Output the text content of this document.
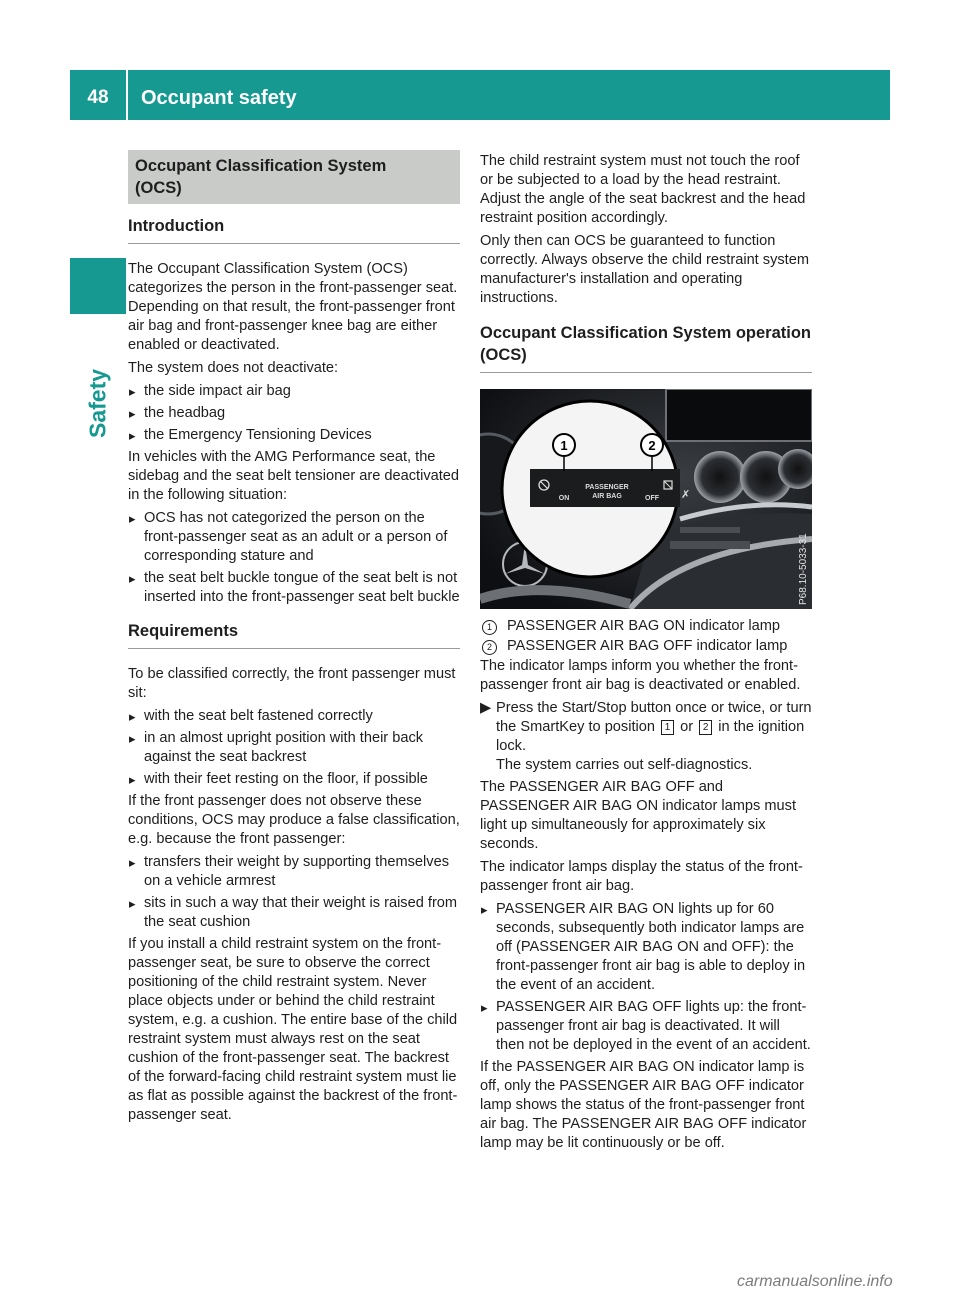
48	Occupant safety
Safety
Occupant Classification System
(OCS)
Introduction

The Occupant Classification System (OCS) categorizes the person in the front-passenger seat. Depending on that result, the front-passenger front air bag and front-passenger knee bag are either enabled or deactivated.

The system does not deactivate:

▸ the side impact air bag
▸ the headbag
▸ the Emergency Tensioning Devices

In vehicles with the AMG Performance seat, the sidebag and the seat belt tensioner are deactivated in the following situation:

▸ OCS has not categorized the person on the front-passenger seat as an adult or a person of corresponding stature and
▸ the seat belt buckle tongue of the seat belt is not inserted into the front-passenger seat belt buckle
Requirements

To be classified correctly, the front passenger must sit:

▸ with the seat belt fastened correctly
▸ in an almost upright position with their back against the seat backrest
▸ with their feet resting on the floor, if possible

If the front passenger does not observe these conditions, OCS may produce a false classification, e.g. because the front passenger:

▸ transfers their weight by supporting themselves on a vehicle armrest
▸ sits in such a way that their weight is raised from the seat cushion

If you install a child restraint system on the front-passenger seat, be sure to observe the correct positioning of the child restraint system. Never place objects under or behind the child restraint system, e.g. a cushion. The entire base of the child restraint system must always rest on the seat cushion of the front-passenger seat. The backrest of the forward-facing child restraint system must lie as flat as possible against the backrest of the front-passenger seat.

The child restraint system must not touch the roof or be subjected to a load by the head restraint. Adjust the angle of the seat backrest and the head restraint position accordingly.

Only then can OCS be guaranteed to function correctly. Always observe the child restraint system manufacturer's installation and operating instructions.

Occupant Classification System operation (OCS)
1	2
ON
PASSENGER
AIR BAG	OFF ✗
P68.10-5033-31
1	PASSENGER AIR BAG ON indicator lamp
2	PASSENGER AIR BAG OFF indicator lamp

The indicator lamps inform you whether the front-passenger front air bag is deactivated or enabled.

▶︎ Press the Start/Stop button once or twice, or turn the SmartKey to position 1 or 2 in the ignition lock.
The system carries out self-diagnostics.

The PASSENGER AIR BAG OFF and PASSENGER AIR BAG ON indicator lamps must light up simultaneously for approximately six seconds.

The indicator lamps display the status of the front-passenger front air bag.

▸ PASSENGER AIR BAG ON lights up for 60 seconds, subsequently both indicator lamps are off (PASSENGER AIR BAG ON and OFF): the front-passenger front air bag is able to deploy in the event of an accident.
▸ PASSENGER AIR BAG OFF lights up: the front-passenger front air bag is deactivated. It will then not be deployed in the event of an accident.

If the PASSENGER AIR BAG ON indicator lamp is off, only the PASSENGER AIR BAG OFF indicator lamp shows the status of the front-passenger front air bag. The PASSENGER AIR BAG OFF indicator lamp may be lit continuously or be off.

carmanualsonline.info
